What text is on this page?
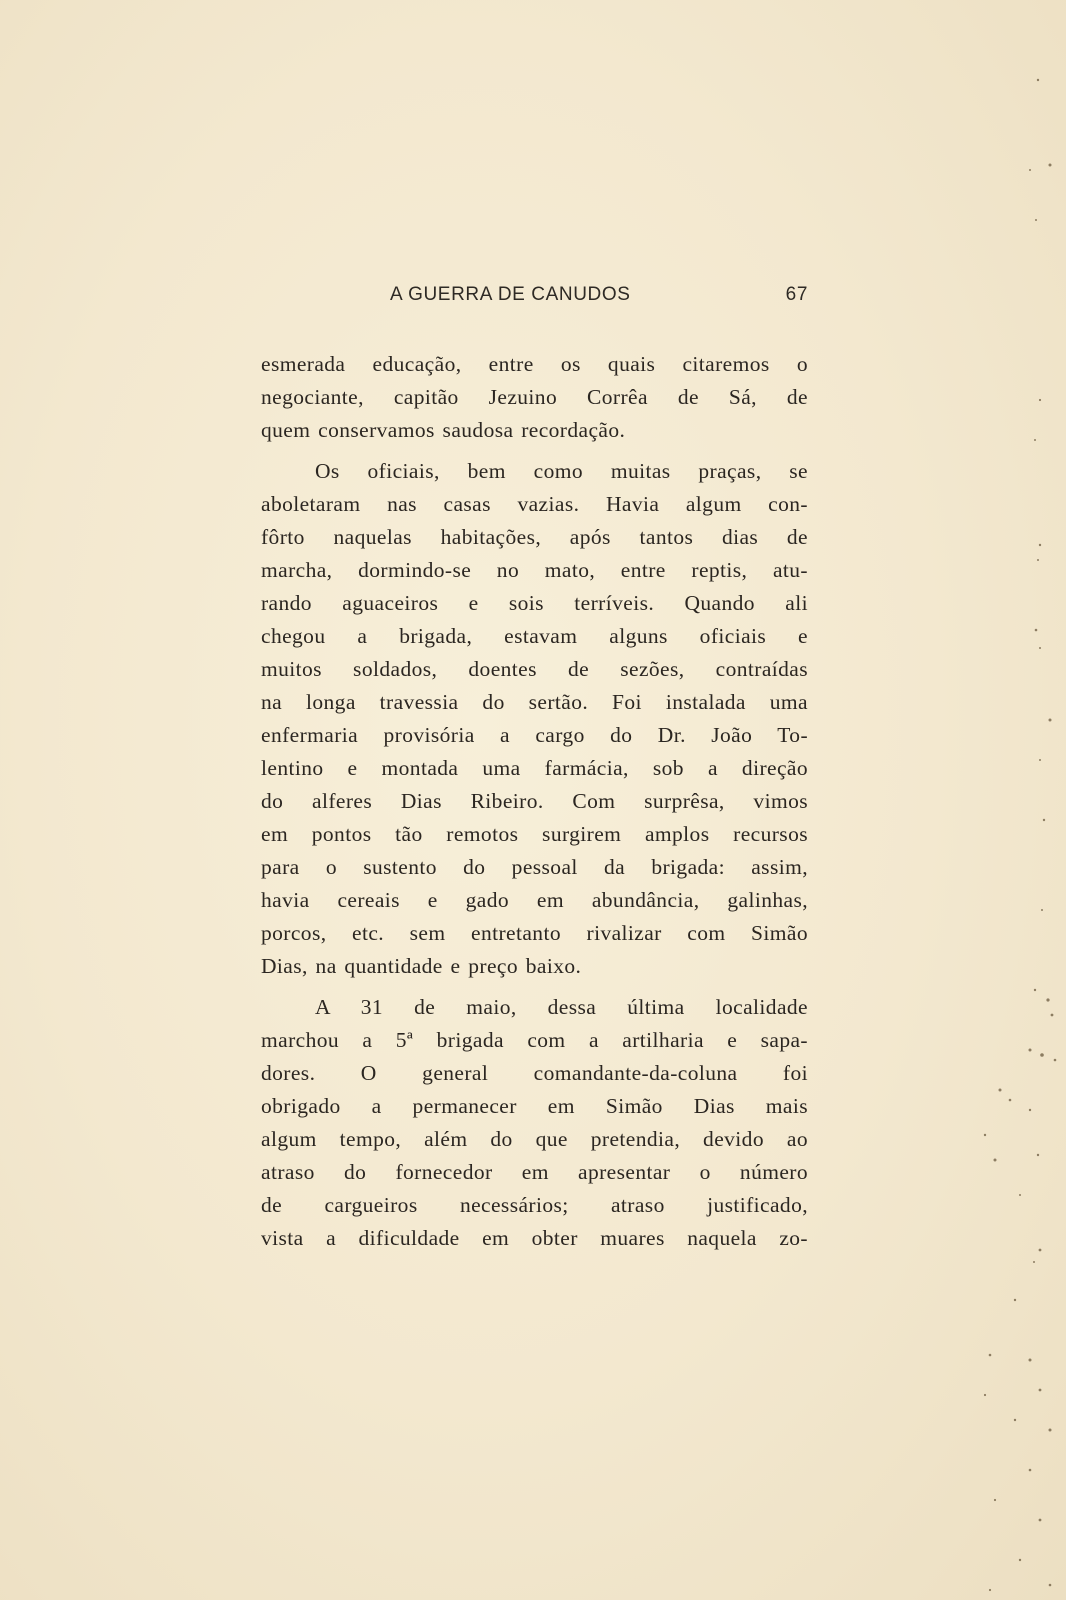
A GUERRA DE CANUDOS	67
esmerada educação, entre os quais citaremos o
negociante, capitão Jezuino Corrêa de Sá, de
quem conservamos saudosa recordação.
Os oficiais, bem como muitas praças, se
aboletaram nas casas vazias. Havia algum con-
fôrto naquelas habitações, após tantos dias de
marcha, dormindo-se no mato, entre reptis, atu-
rando aguaceiros e sois terríveis. Quando ali
chegou a brigada, estavam alguns oficiais e
muitos soldados, doentes de sezões, contraídas
na longa travessia do sertão. Foi instalada uma
enfermaria provisória a cargo do Dr. João To-
lentino e montada uma farmácia, sob a direção
do alferes Dias Ribeiro. Com surprêsa, vimos
em pontos tão remotos surgirem amplos recursos
para o sustento do pessoal da brigada: assim,
havia cereais e gado em abundância, galinhas,
porcos, etc. sem entretanto rivalizar com Simão
Dias, na quantidade e preço baixo.
A 31 de maio, dessa última localidade
marchou a 5ª brigada com a artilharia e sapa-
dores. O general comandante-da-coluna foi
obrigado a permanecer em Simão Dias mais
algum tempo, além do que pretendia, devido ao
atraso do fornecedor em apresentar o número
de cargueiros necessários; atraso justificado,
vista a dificuldade em obter muares naquela zo-
